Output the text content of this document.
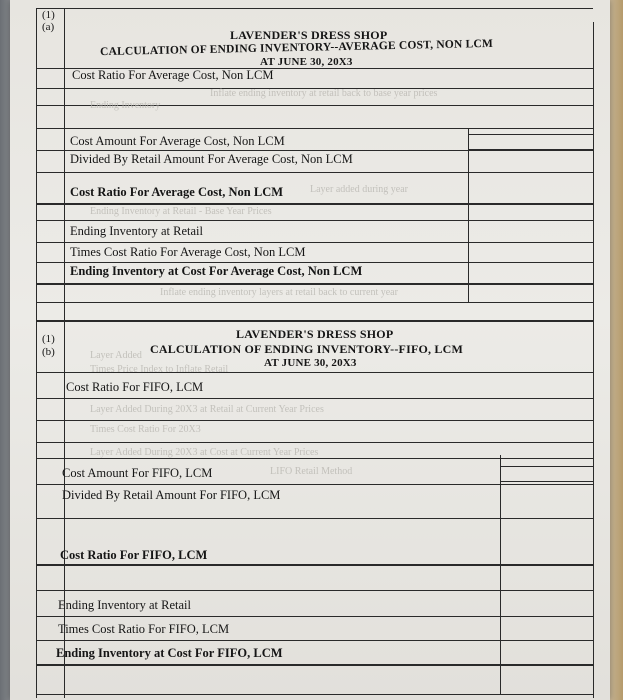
(1)
(a)
LAVENDER'S DRESS SHOP
CALCULATION OF ENDING INVENTORY--AVERAGE COST, NON LCM
AT JUNE 30, 20X3
Cost Ratio For Average Cost, Non LCM
Inflate ending inventory at retail back to base year prices
Ending Inventory
Cost Amount For Average Cost, Non LCM
Divided By Retail Amount For Average Cost, Non LCM
Cost Ratio For Average Cost, Non LCM	Layer added during year
Ending Inventory at Retail - Base Year Prices
Ending Inventory at Retail
Times Cost Ratio For Average Cost, Non LCM
Ending Inventory at Cost For Average Cost, Non LCM
Inflate ending inventory layers at retail back to current year
(1)
(b)
LAVENDER'S DRESS SHOP
CALCULATION OF ENDING INVENTORY--FIFO, LCM
AT JUNE 30, 20X3
Layer Added
Times Price Index to Inflate Retail
Cost Ratio For FIFO, LCM
Layer Added During 20X3 at Retail at Current Year Prices
Times Cost Ratio For 20X3
Layer Added During 20X3 at Cost at Current Year Prices
Cost Amount For FIFO, LCM	LIFO Retail Method
Divided By Retail Amount For FIFO, LCM
Cost Ratio For FIFO, LCM
Ending Inventory at Retail
Times Cost Ratio For FIFO, LCM
Ending Inventory at Cost For FIFO, LCM
